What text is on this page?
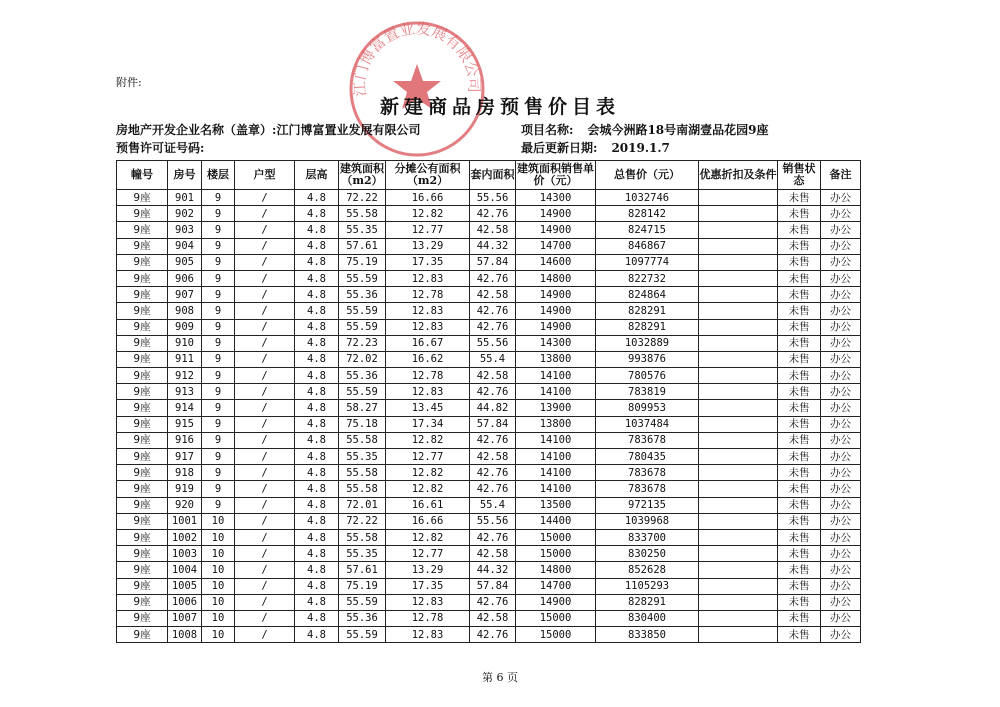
附件:	江门博富置业发展有限公司
新建商品房预售价目表
房地产开发企业名称（盖章）:江门博富置业发展有限公司	项目名称: 会城今洲路18号南湖壹品花园9座
预售许可证号码:	最后更新日期: 2019.1.7
幢号	房号	楼层	户型	层高	建筑面积（m2）	分摊公有面积（m2）	套内面积	建筑面积销售单价（元）	总售价（元）	优惠折扣及条件	销售状态	备注
9座	901	9	/	4.8	72.22	16.66	55.56	14300	1032746		未售	办公
9座	902	9	/	4.8	55.58	12.82	42.76	14900	828142		未售	办公
9座	903	9	/	4.8	55.35	12.77	42.58	14900	824715		未售	办公
9座	904	9	/	4.8	57.61	13.29	44.32	14700	846867		未售	办公
9座	905	9	/	4.8	75.19	17.35	57.84	14600	1097774		未售	办公
9座	906	9	/	4.8	55.59	12.83	42.76	14800	822732		未售	办公
9座	907	9	/	4.8	55.36	12.78	42.58	14900	824864		未售	办公
9座	908	9	/	4.8	55.59	12.83	42.76	14900	828291		未售	办公
9座	909	9	/	4.8	55.59	12.83	42.76	14900	828291		未售	办公
9座	910	9	/	4.8	72.23	16.67	55.56	14300	1032889		未售	办公
9座	911	9	/	4.8	72.02	16.62	55.4	13800	993876		未售	办公
9座	912	9	/	4.8	55.36	12.78	42.58	14100	780576		未售	办公
9座	913	9	/	4.8	55.59	12.83	42.76	14100	783819		未售	办公
9座	914	9	/	4.8	58.27	13.45	44.82	13900	809953		未售	办公
9座	915	9	/	4.8	75.18	17.34	57.84	13800	1037484		未售	办公
9座	916	9	/	4.8	55.58	12.82	42.76	14100	783678		未售	办公
9座	917	9	/	4.8	55.35	12.77	42.58	14100	780435		未售	办公
9座	918	9	/	4.8	55.58	12.82	42.76	14100	783678		未售	办公
9座	919	9	/	4.8	55.58	12.82	42.76	14100	783678		未售	办公
9座	920	9	/	4.8	72.01	16.61	55.4	13500	972135		未售	办公
9座	1001	10	/	4.8	72.22	16.66	55.56	14400	1039968		未售	办公
9座	1002	10	/	4.8	55.58	12.82	42.76	15000	833700		未售	办公
9座	1003	10	/	4.8	55.35	12.77	42.58	15000	830250		未售	办公
9座	1004	10	/	4.8	57.61	13.29	44.32	14800	852628		未售	办公
9座	1005	10	/	4.8	75.19	17.35	57.84	14700	1105293		未售	办公
9座	1006	10	/	4.8	55.59	12.83	42.76	14900	828291		未售	办公
9座	1007	10	/	4.8	55.36	12.78	42.58	15000	830400		未售	办公
9座	1008	10	/	4.8	55.59	12.83	42.76	15000	833850		未售	办公
第 6 页
